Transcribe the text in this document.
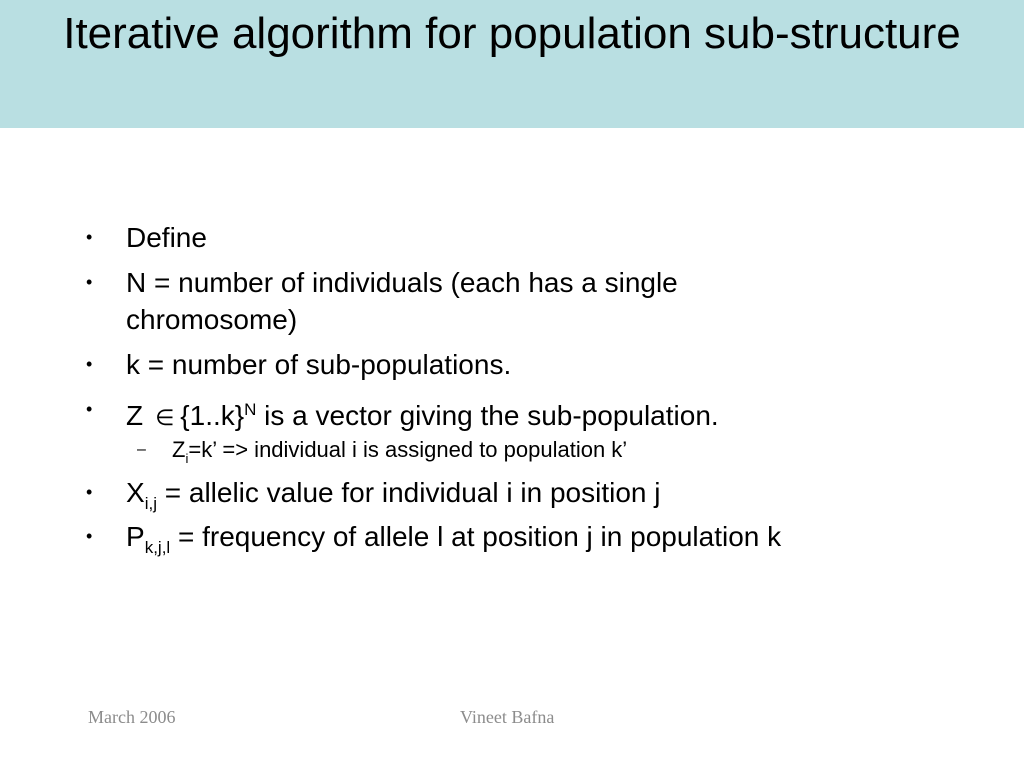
Iterative algorithm for population sub-structure
• Define
• N = number of individuals (each has a single chromosome)
• k = number of sub-populations.
• Z ∈ $\{1..k\}^N$ is a vector giving the sub-population.
– $Z_i=k$’ => individual i is assigned to population k’
• $X_{i,j}$ = allelic value for individual i in position j
• $P_{k,j,l}$ = frequency of allele l at position j in population k
March 2006	Vineet Bafna
